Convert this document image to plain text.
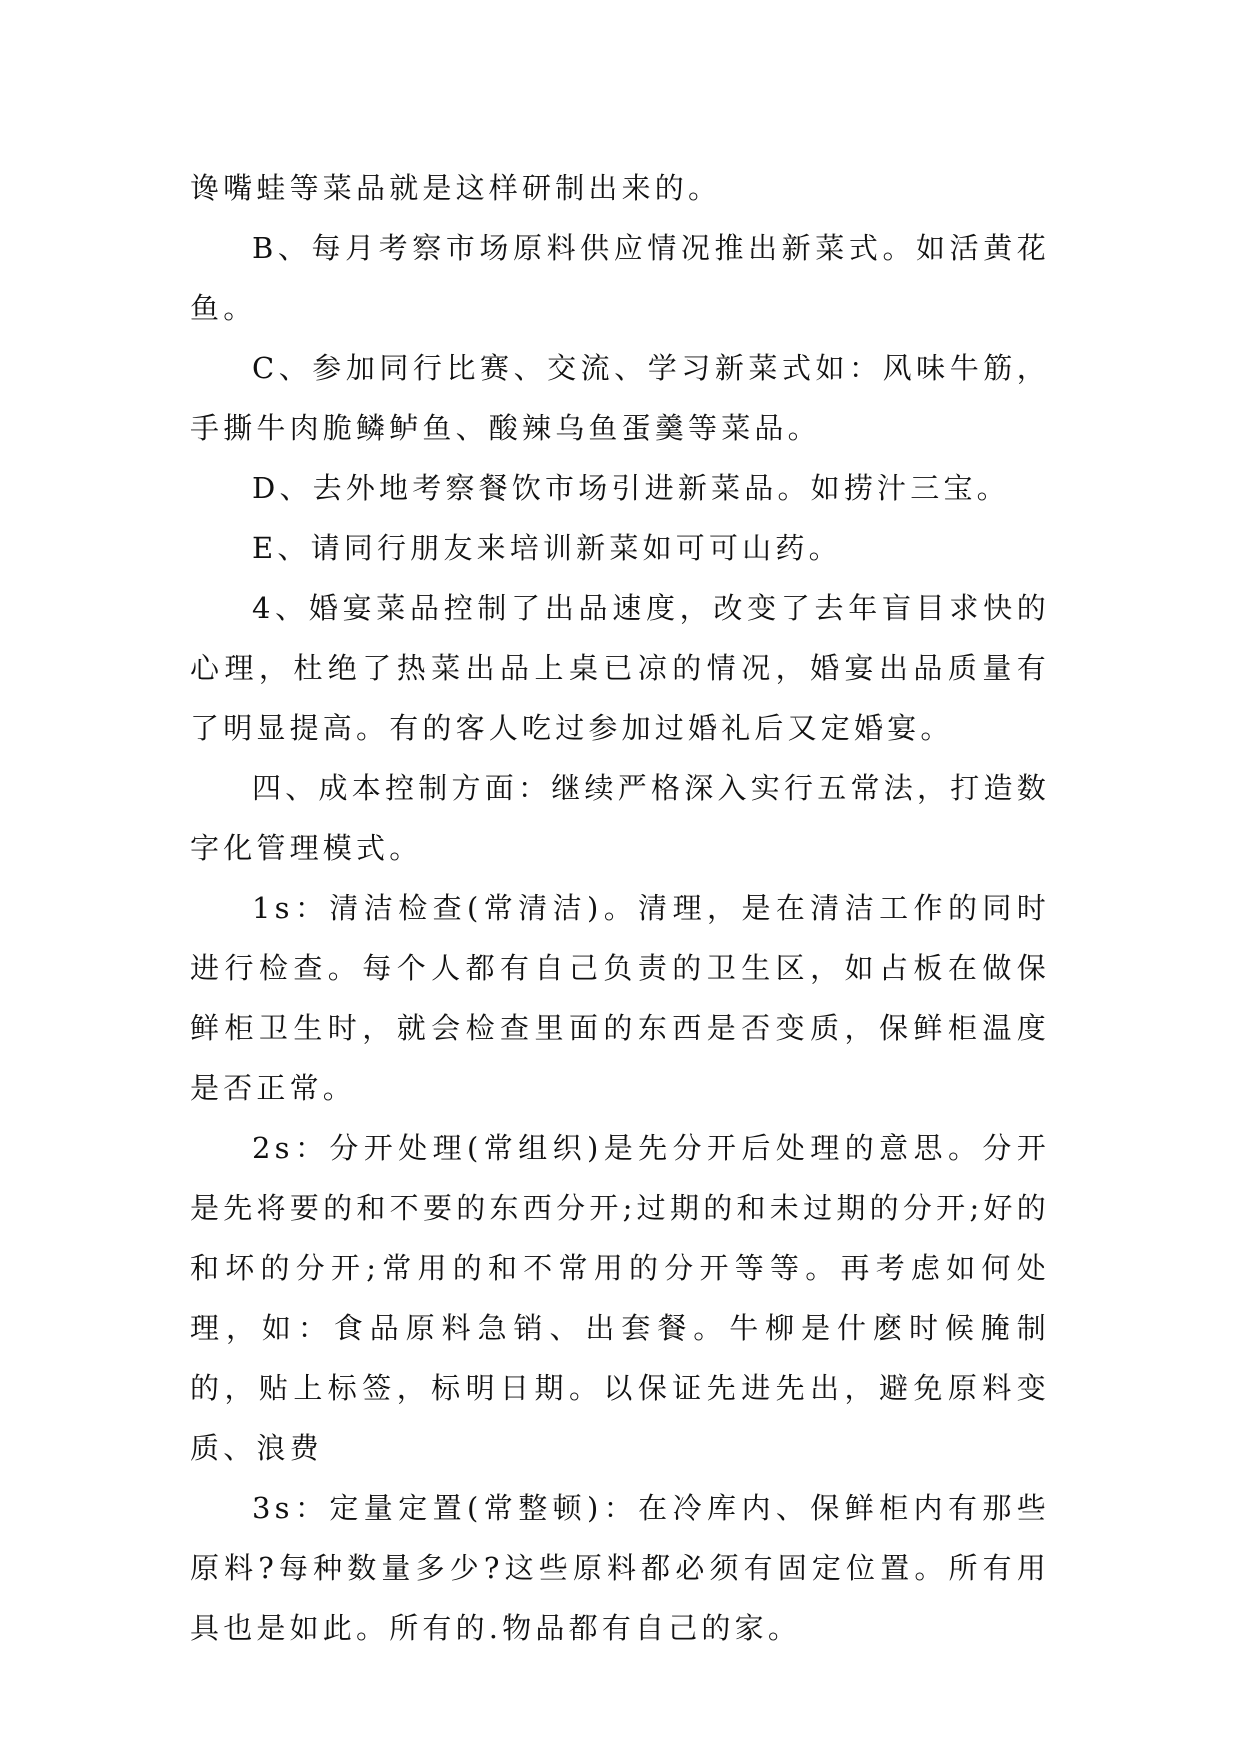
谗嘴蛙等菜品就是这样研制出来的。

B、每月考察市场原料供应情况推出新菜式。如活黄花鱼。

C、参加同行比赛、交流、学习新菜式如：风味牛筋，手撕牛肉脆鳞鲈鱼、酸辣乌鱼蛋羹等菜品。

D、去外地考察餐饮市场引进新菜品。如捞汁三宝。

E、请同行朋友来培训新菜如可可山药。

4、婚宴菜品控制了出品速度，改变了去年盲目求快的心理，杜绝了热菜出品上桌已凉的情况，婚宴出品质量有了明显提高。有的客人吃过参加过婚礼后又定婚宴。

四、成本控制方面：继续严格深入实行五常法，打造数字化管理模式。

1s：清洁检查(常清洁)。清理，是在清洁工作的同时进行检查。每个人都有自己负责的卫生区，如占板在做保鲜柜卫生时，就会检查里面的东西是否变质，保鲜柜温度是否正常。

2s：分开处理(常组织)是先分开后处理的意思。分开是先将要的和不要的东西分开;过期的和未过期的分开;好的和坏的分开;常用的和不常用的分开等等。再考虑如何处理，如：食品原料急销、出套餐。牛柳是什麽时候腌制的，贴上标签，标明日期。以保证先进先出，避免原料变质、浪费

3s：定量定置(常整顿)：在冷库内、保鲜柜内有那些原料?每种数量多少?这些原料都必须有固定位置。所有用具也是如此。所有的.物品都有自己的家。
